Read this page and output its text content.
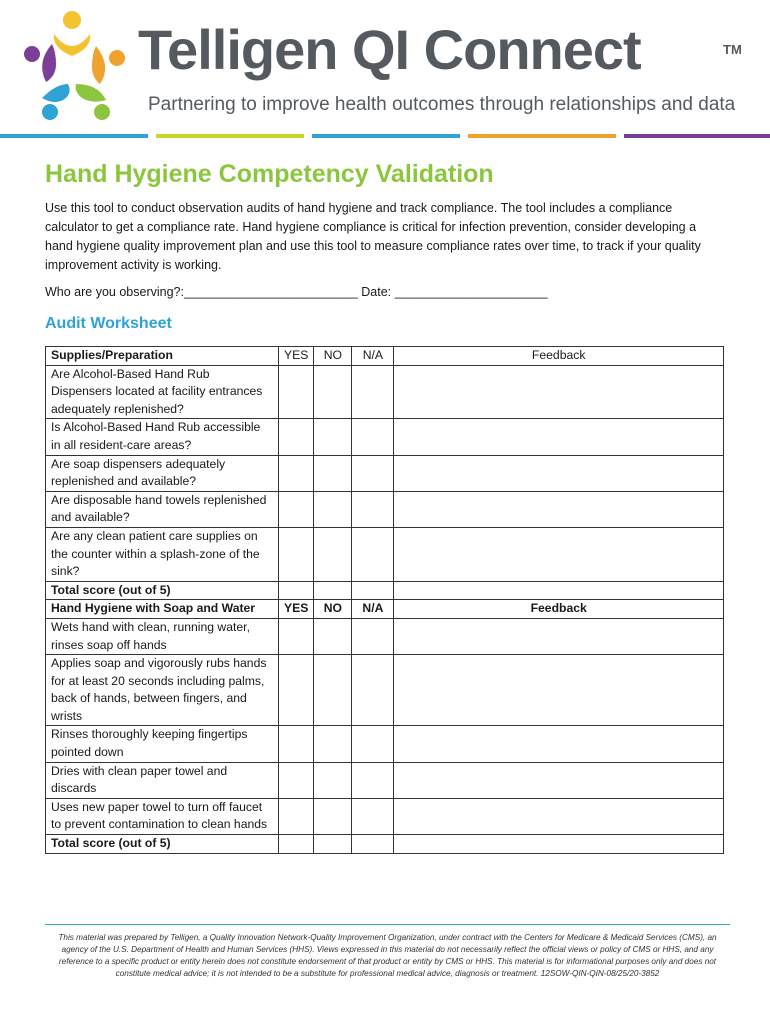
Telligen QI Connect	TM
Partnering to improve health outcomes through relationships and data
Hand Hygiene Competency Validation

Use this tool to conduct observation audits of hand hygiene and track compliance. The tool includes a compliance calculator to get a compliance rate. Hand hygiene compliance is critical for infection prevention, consider developing a hand hygiene quality improvement plan and use this tool to measure compliance rates over time, to track if your quality improvement activity is working.

Who are you observing?:_________________________ Date: ______________________
Audit Worksheet
Supplies/Preparation	YES	NO	N/A	Feedback
Are Alcohol-Based Hand Rub Dispensers located at facility entrances adequately replenished?				
Is Alcohol-Based Hand Rub accessible in all resident-care areas?				
Are soap dispensers adequately replenished and available?				
Are disposable hand towels replenished and available?				
Are any clean patient care supplies on the counter within a splash-zone of the sink?				
Total score (out of 5)				
Hand Hygiene with Soap and Water	YES	NO	N/A	Feedback
Wets hand with clean, running water, rinses soap off hands				
Applies soap and vigorously rubs hands for at least 20 seconds including palms, back of hands, between fingers, and wrists				
Rinses thoroughly keeping fingertips pointed down				
Dries with clean paper towel and discards				
Uses new paper towel to turn off faucet to prevent contamination to clean hands				
Total score (out of 5)				

This material was prepared by Telligen, a Quality Innovation Network-Quality Improvement Organization, under contract with the Centers for Medicare & Medicaid Services (CMS), an agency of the U.S. Department of Health and Human Services (HHS). Views expressed in this material do not necessarily reflect the official views or policy of CMS or HHS, and any reference to a specific product or entity herein does not constitute endorsement of that product or entity by CMS or HHS. This material is for informational purposes only and does not constitute medical advice; it is not intended to be a substitute for professional medical advice, diagnosis or treatment. 12SOW-QIN-QIN-08/25/20-3852
